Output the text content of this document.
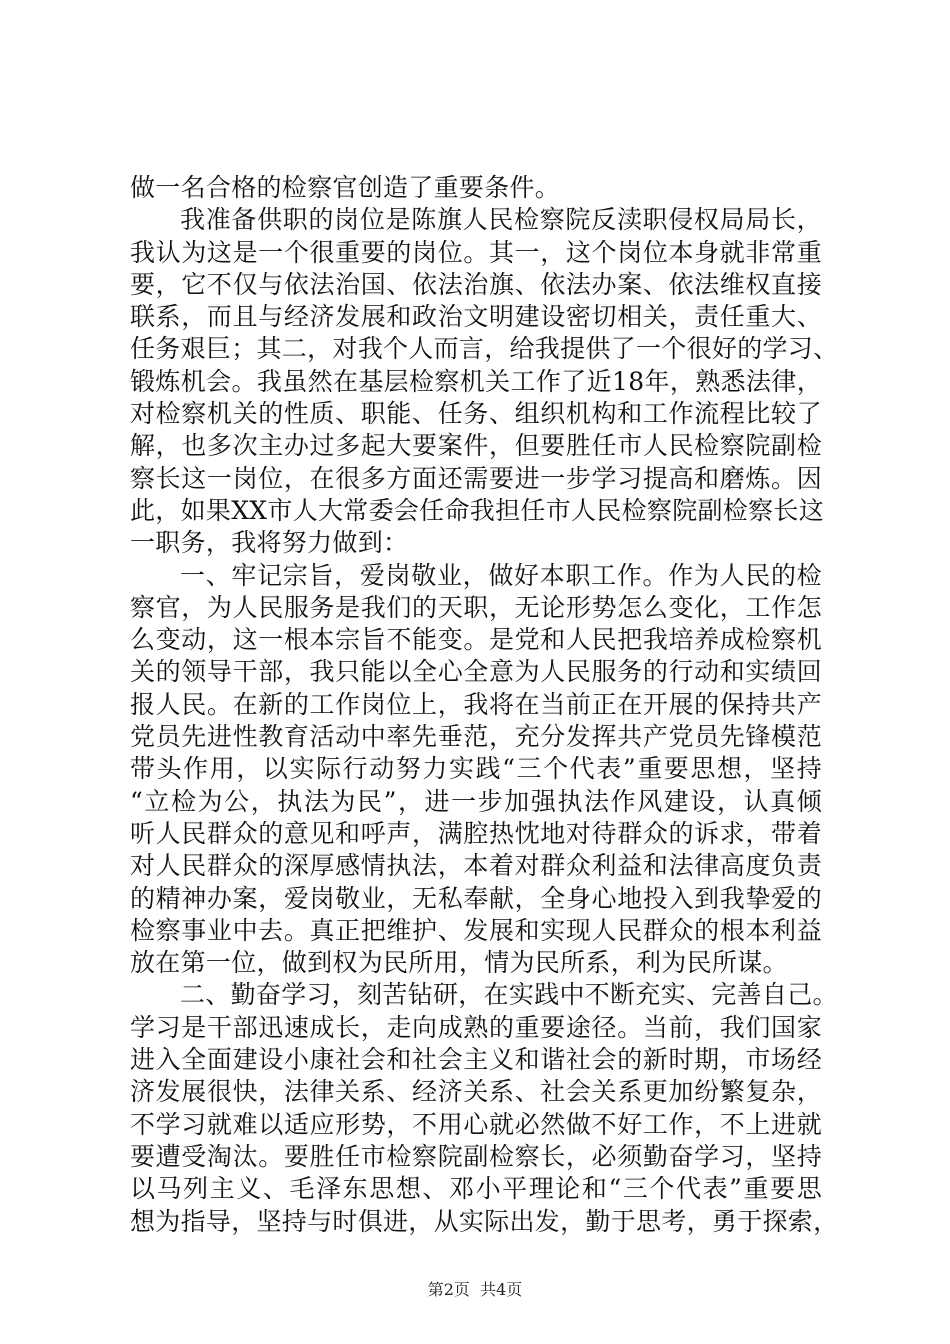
做一名合格的检察官创造了重要条件。
我准备供职的岗位是陈旗人民检察院反渎职侵权局局长，
我认为这是一个很重要的岗位。其一，这个岗位本身就非常重
要，它不仅与依法治国、依法治旗、依法办案、依法维权直接
联系，而且与经济发展和政治文明建设密切相关，责任重大、
任务艰巨；其二，对我个人而言，给我提供了一个很好的学习、
锻炼机会。我虽然在基层检察机关工作了近18年，熟悉法律，
对检察机关的性质、职能、任务、组织机构和工作流程比较了
解，也多次主办过多起大要案件，但要胜任市人民检察院副检
察长这一岗位，在很多方面还需要进一步学习提高和磨炼。因
此，如果XX市人大常委会任命我担任市人民检察院副检察长这
一职务，我将努力做到：
一、牢记宗旨，爱岗敬业，做好本职工作。作为人民的检
察官，为人民服务是我们的天职，无论形势怎么变化，工作怎
么变动，这一根本宗旨不能变。是党和人民把我培养成检察机
关的领导干部，我只能以全心全意为人民服务的行动和实绩回
报人民。在新的工作岗位上，我将在当前正在开展的保持共产
党员先进性教育活动中率先垂范，充分发挥共产党员先锋模范
带头作用，以实际行动努力实践“三个代表”重要思想，坚持
“立检为公，执法为民”，进一步加强执法作风建设，认真倾
听人民群众的意见和呼声，满腔热忱地对待群众的诉求，带着
对人民群众的深厚感情执法，本着对群众利益和法律高度负责
的精神办案，爱岗敬业，无私奉献，全身心地投入到我挚爱的
检察事业中去。真正把维护、发展和实现人民群众的根本利益
放在第一位，做到权为民所用，情为民所系，利为民所谋。
二、勤奋学习，刻苦钻研，在实践中不断充实、完善自己。
学习是干部迅速成长，走向成熟的重要途径。当前，我们国家
进入全面建设小康社会和社会主义和谐社会的新时期，市场经
济发展很快，法律关系、经济关系、社会关系更加纷繁复杂，
不学习就难以适应形势，不用心就必然做不好工作，不上进就
要遭受淘汰。要胜任市检察院副检察长，必须勤奋学习，坚持
以马列主义、毛泽东思想、邓小平理论和“三个代表”重要思
想为指导，坚持与时俱进，从实际出发，勤于思考，勇于探索，
第2页  共4页
